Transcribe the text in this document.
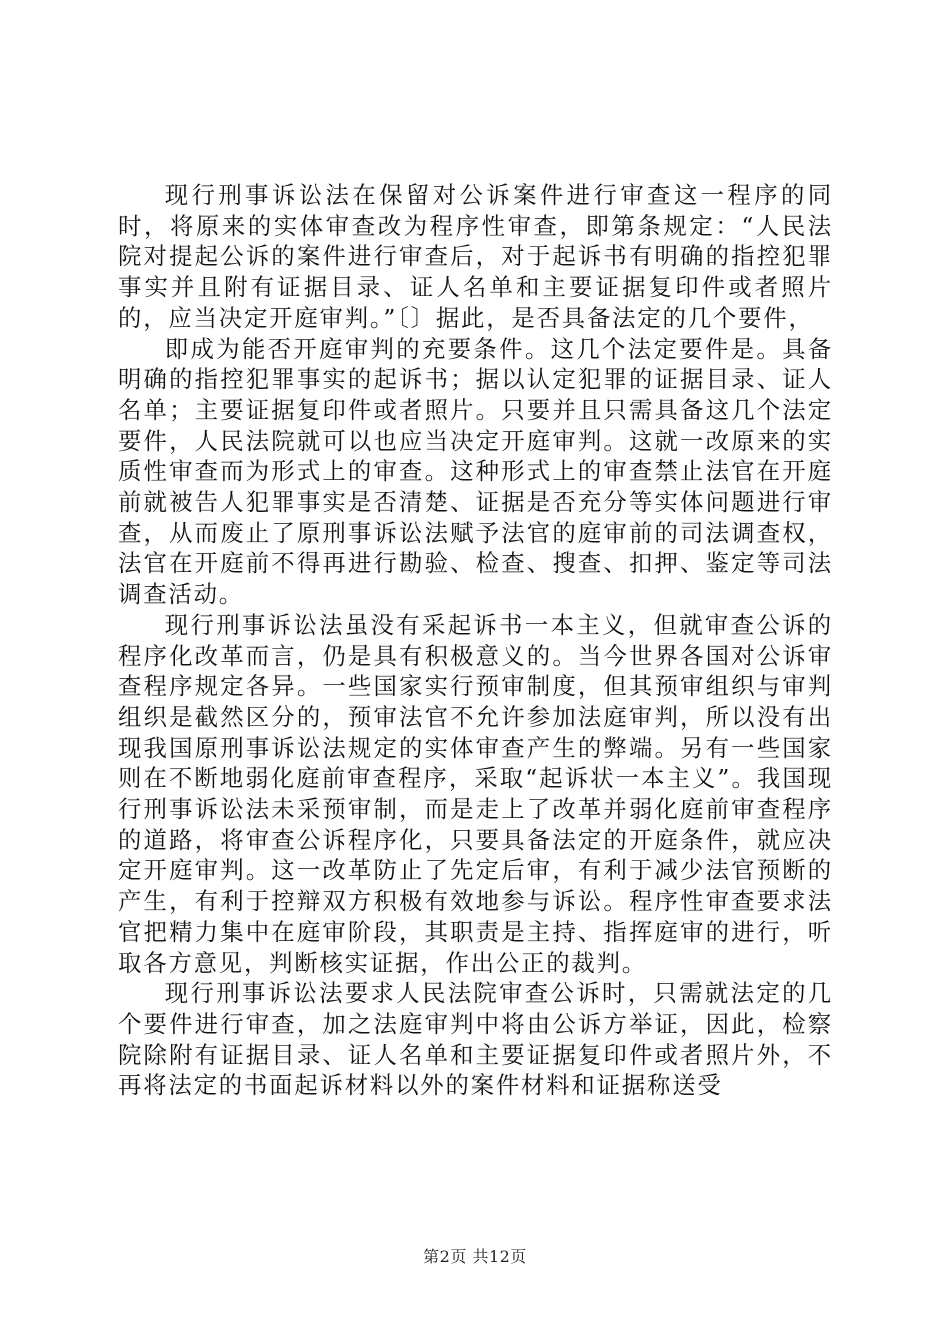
现行刑事诉讼法在保留对公诉案件进行审查这一程序的同时，将原来的实体审查改为程序性审查，即第条规定：“人民法院对提起公诉的案件进行审查后，对于起诉书有明确的指控犯罪事实并且附有证据目录、证人名单和主要证据复印件或者照片的，应当决定开庭审判。”〔〕据此，是否具备法定的几个要件，

即成为能否开庭审判的充要条件。这几个法定要件是。具备明确的指控犯罪事实的起诉书；据以认定犯罪的证据目录、证人名单；主要证据复印件或者照片。只要并且只需具备这几个法定要件，人民法院就可以也应当决定开庭审判。这就一改原来的实质性审查而为形式上的审查。这种形式上的审查禁止法官在开庭前就被告人犯罪事实是否清楚、证据是否充分等实体问题进行审查，从而废止了原刑事诉讼法赋予法官的庭审前的司法调查权，法官在开庭前不得再进行勘验、检查、搜查、扣押、鉴定等司法调查活动。

现行刑事诉讼法虽没有采起诉书一本主义，但就审查公诉的程序化改革而言，仍是具有积极意义的。当今世界各国对公诉审查程序规定各异。一些国家实行预审制度，但其预审组织与审判组织是截然区分的，预审法官不允许参加法庭审判，所以没有出现我国原刑事诉讼法规定的实体审查产生的弊端。另有一些国家则在不断地弱化庭前审查程序，采取“起诉状一本主义”。我国现行刑事诉讼法未采预审制，而是走上了改革并弱化庭前审查程序的道路，将审查公诉程序化，只要具备法定的开庭条件，就应决定开庭审判。这一改革防止了先定后审，有利于减少法官预断的产生，有利于控辩双方积极有效地参与诉讼。程序性审查要求法官把精力集中在庭审阶段，其职责是主持、指挥庭审的进行，听取各方意见，判断核实证据，作出公正的裁判。

现行刑事诉讼法要求人民法院审查公诉时，只需就法定的几个要件进行审查，加之法庭审判中将由公诉方举证，因此，检察院除附有证据目录、证人名单和主要证据复印件或者照片外，不再将法定的书面起诉材料以外的案件材料和证据称送受

第2页 共12页
